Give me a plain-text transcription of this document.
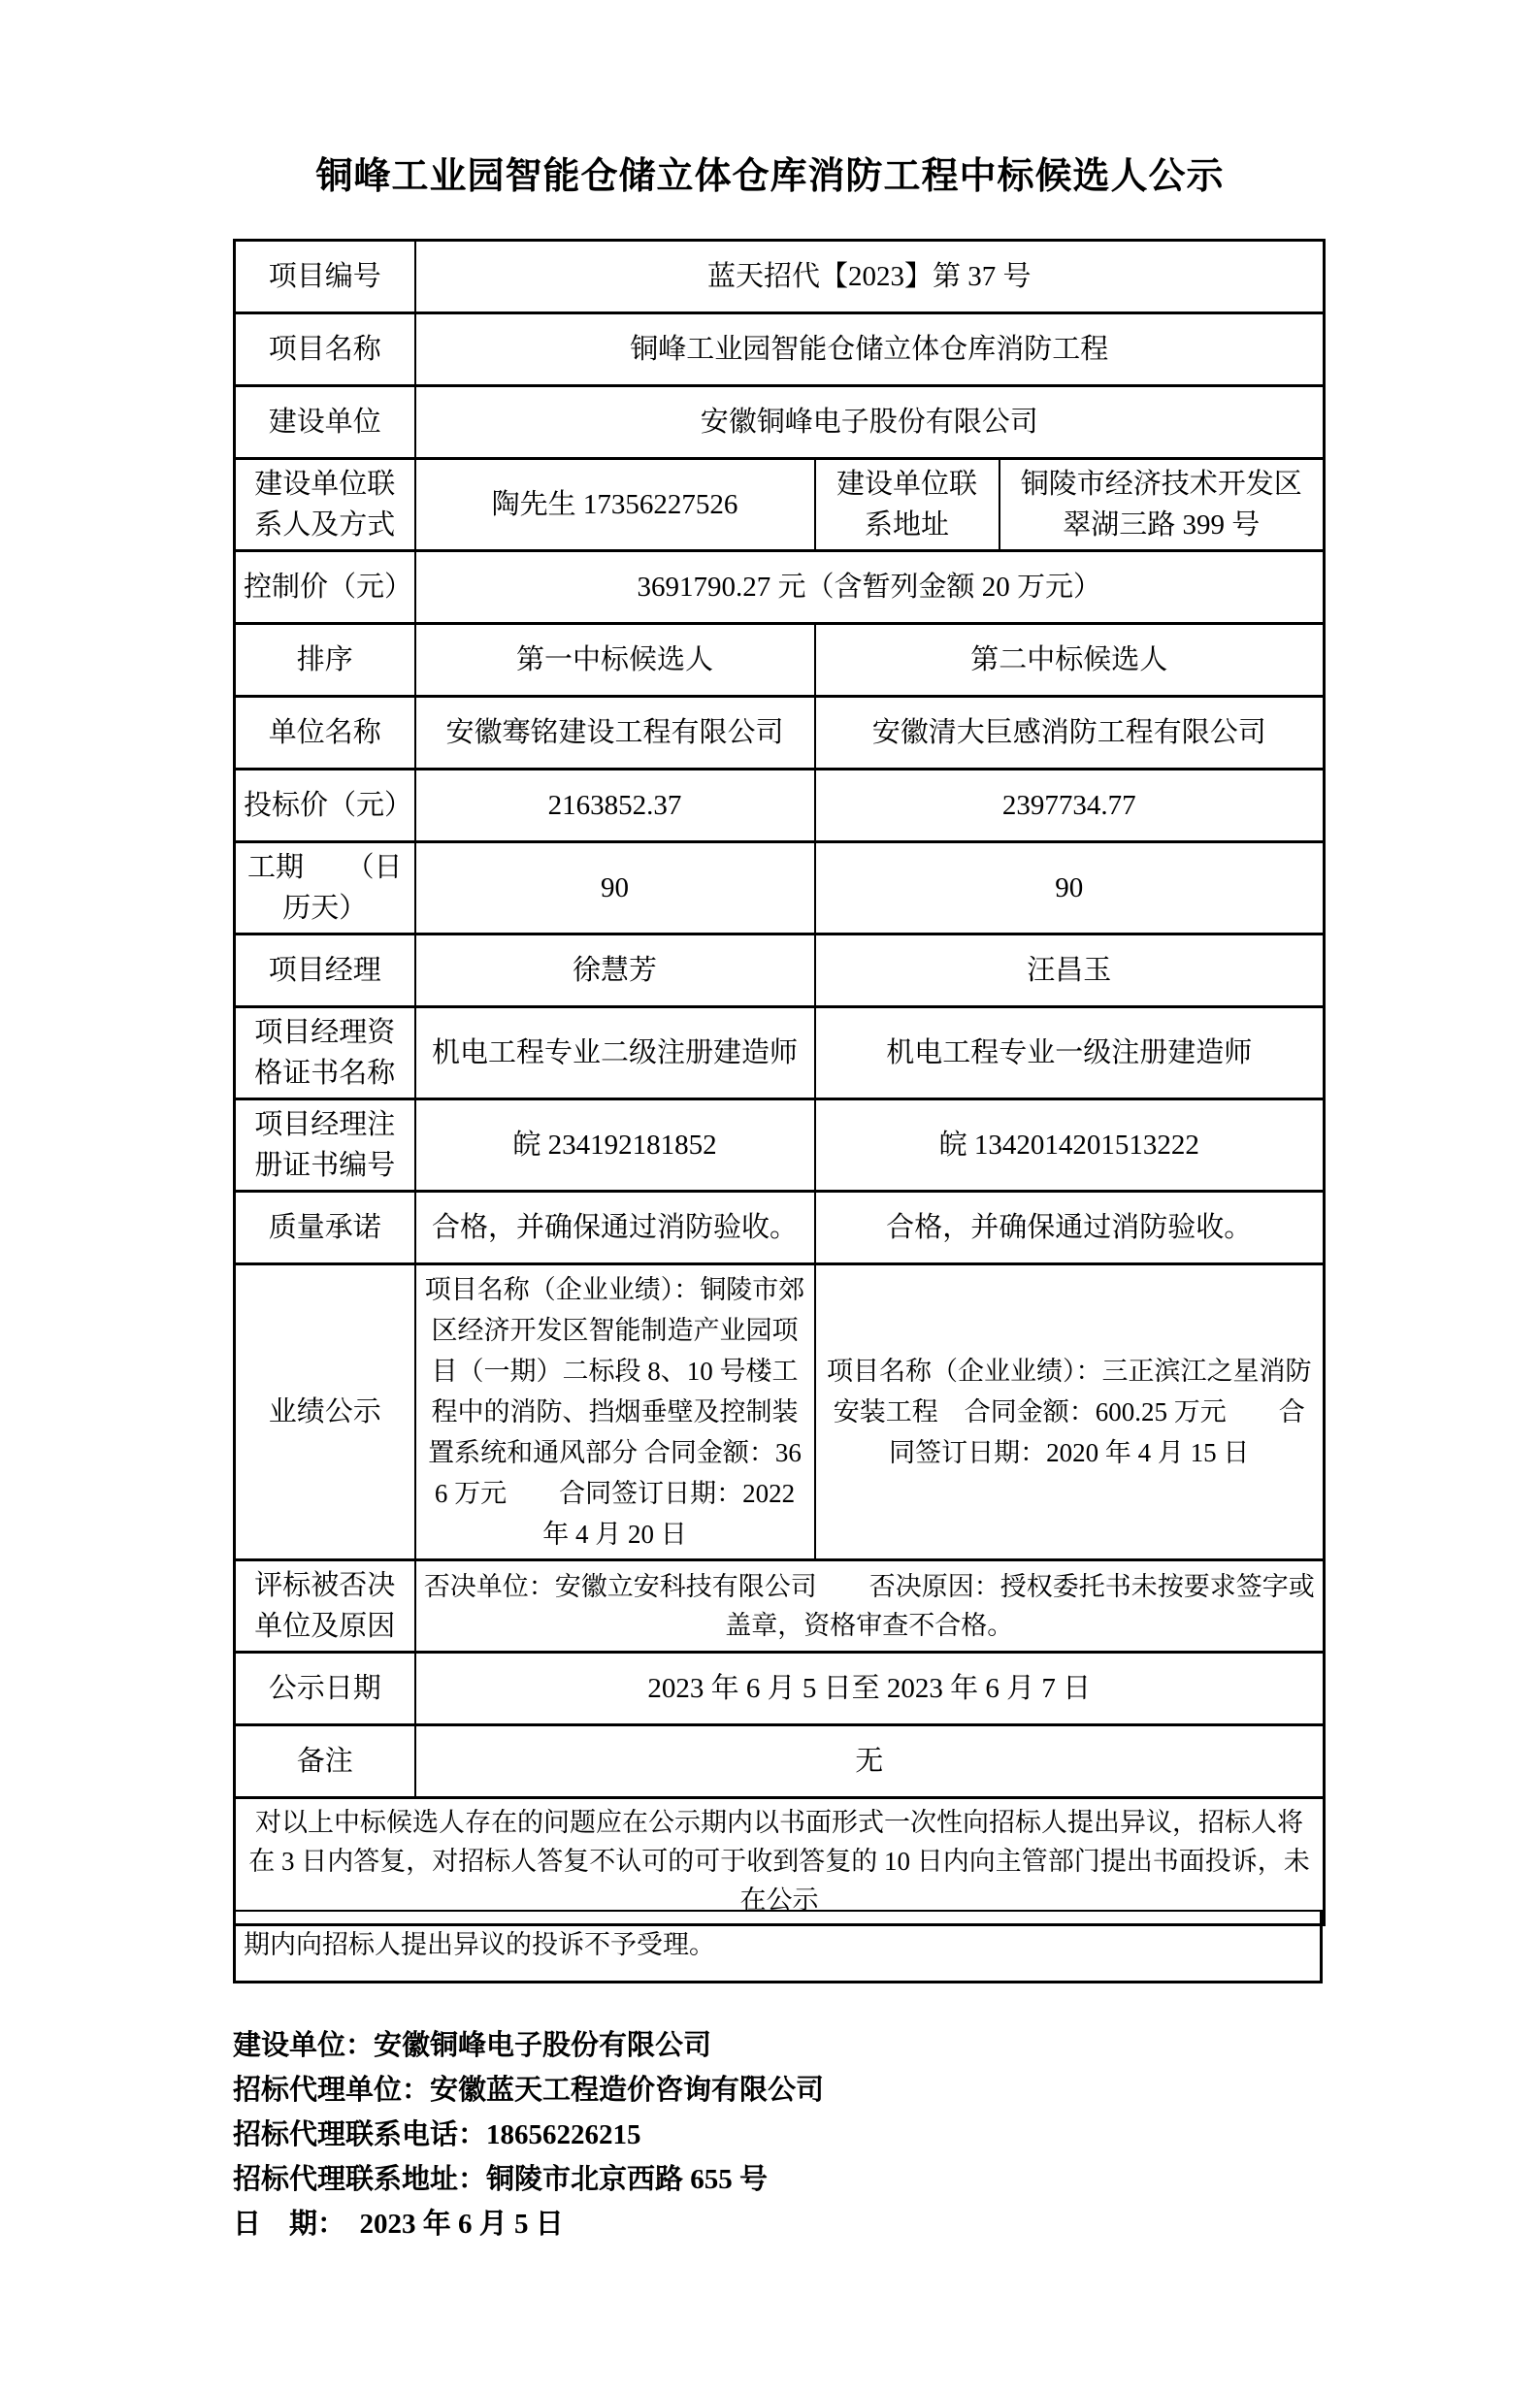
铜峰工业园智能仓储立体仓库消防工程中标候选人公示
项目编号	蓝天招代【2023】第 37 号		
项目名称	铜峰工业园智能仓储立体仓库消防工程		
建设单位	安徽铜峰电子股份有限公司		
建设单位联系人及方式	陶先生 17356227526	建设单位联系地址	铜陵市经济技术开发区翠湖三路 399 号
控制价（元）	3691790.27 元（含暂列金额 20 万元）		
排序	第一中标候选人	第二中标候选人	
单位名称	安徽骞铭建设工程有限公司	安徽清大巨感消防工程有限公司	
投标价（元）	2163852.37	2397734.77	
工期　　（日历天）	90	90	
项目经理	徐慧芳	汪昌玉	
项目经理资格证书名称	机电工程专业二级注册建造师	机电工程专业一级注册建造师	
项目经理注册证书编号	皖 234192181852	皖 1342014201513222	
质量承诺	合格，并确保通过消防验收。	合格，并确保通过消防验收。	
业绩公示	项目名称（企业业绩）：铜陵市郊区经济开发区智能制造产业园项目（一期）二标段 8、10 号楼工程中的消防、挡烟垂壁及控制装置系统和通风部分 合同金额：366 万元　　合同签订日期：2022 年 4 月 20 日	项目名称（企业业绩）：三正滨江之星消防安装工程　合同金额：600.25 万元　　合同签订日期：2020 年 4 月 15 日	
评标被否决单位及原因	否决单位：安徽立安科技有限公司　　否决原因：授权委托书未按要求签字或盖章，资格审查不合格。		
公示日期	2023 年 6 月 5 日至 2023 年 6 月 7 日		
备注	无		
对以上中标候选人存在的问题应在公示期内以书面形式一次性向招标人提出异议，招标人将在 3 日内答复，对招标人答复不认可的可于收到答复的 10 日内向主管部门提出书面投诉，未在公示			
期内向招标人提出异议的投诉不予受理。
建设单位：安徽铜峰电子股份有限公司
招标代理单位：安徽蓝天工程造价咨询有限公司
招标代理联系电话：18656226215
招标代理联系地址：铜陵市北京西路 655 号
日　期：　2023 年 6 月 5 日
